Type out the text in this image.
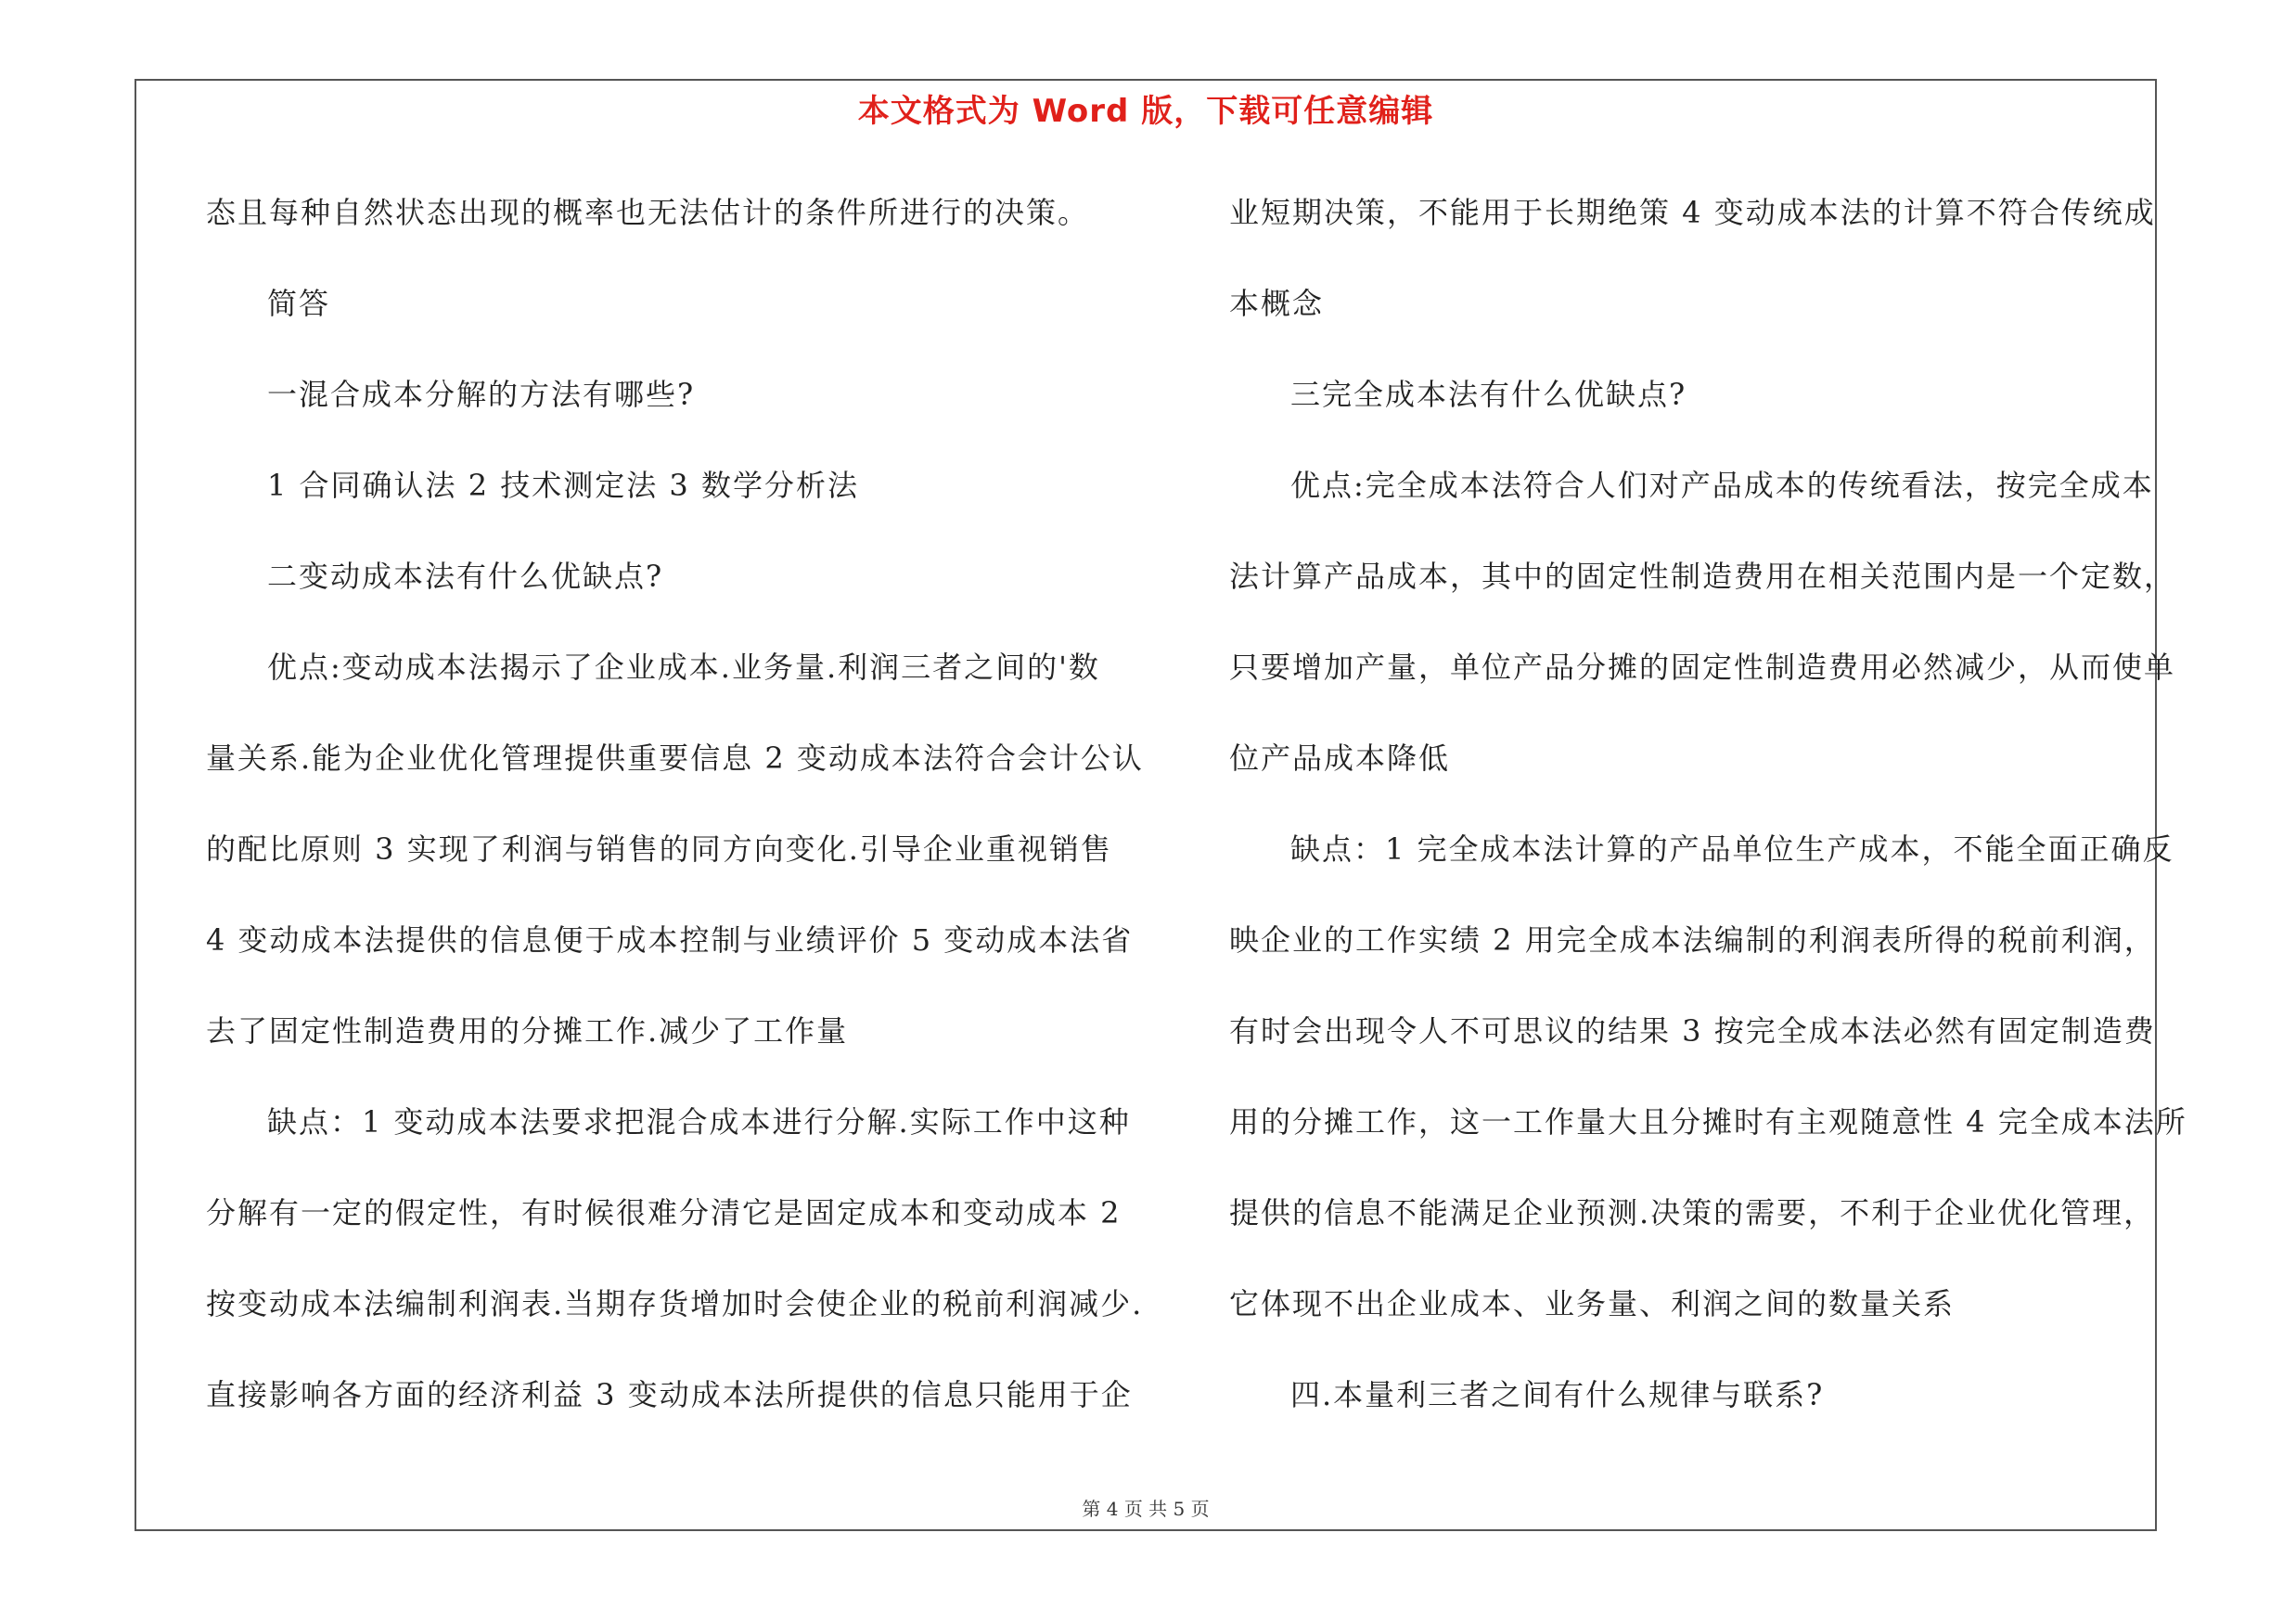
本文格式为 Word 版，下载可任意编辑
态且每种自然状态出现的概率也无法估计的条件所进行的决策。
简答
一混合成本分解的方法有哪些?
1 合同确认法 2 技术测定法 3 数学分析法
二变动成本法有什么优缺点?
优点:变动成本法揭示了企业成本.业务量.利润三者之间的'数
量关系.能为企业优化管理提供重要信息 2 变动成本法符合会计公认
的配比原则 3 实现了利润与销售的同方向变化.引导企业重视销售
4 变动成本法提供的信息便于成本控制与业绩评价 5 变动成本法省
去了固定性制造费用的分摊工作.减少了工作量
缺点：1 变动成本法要求把混合成本进行分解.实际工作中这种
分解有一定的假定性，有时候很难分清它是固定成本和变动成本 2
按变动成本法编制利润表.当期存货增加时会使企业的税前利润减少.
直接影响各方面的经济利益 3 变动成本法所提供的信息只能用于企
业短期决策，不能用于长期绝策 4 变动成本法的计算不符合传统成
本概念
三完全成本法有什么优缺点?
优点:完全成本法符合人们对产品成本的传统看法，按完全成本
法计算产品成本，其中的固定性制造费用在相关范围内是一个定数，
只要增加产量，单位产品分摊的固定性制造费用必然减少，从而使单
位产品成本降低
缺点：1 完全成本法计算的产品单位生产成本，不能全面正确反
映企业的工作实绩 2 用完全成本法编制的利润表所得的税前利润，
有时会出现令人不可思议的结果 3 按完全成本法必然有固定制造费
用的分摊工作，这一工作量大且分摊时有主观随意性 4 完全成本法所
提供的信息不能满足企业预测.决策的需要，不利于企业优化管理，
它体现不出企业成本、业务量、利润之间的数量关系
四.本量利三者之间有什么规律与联系?
第 4 页 共 5 页
